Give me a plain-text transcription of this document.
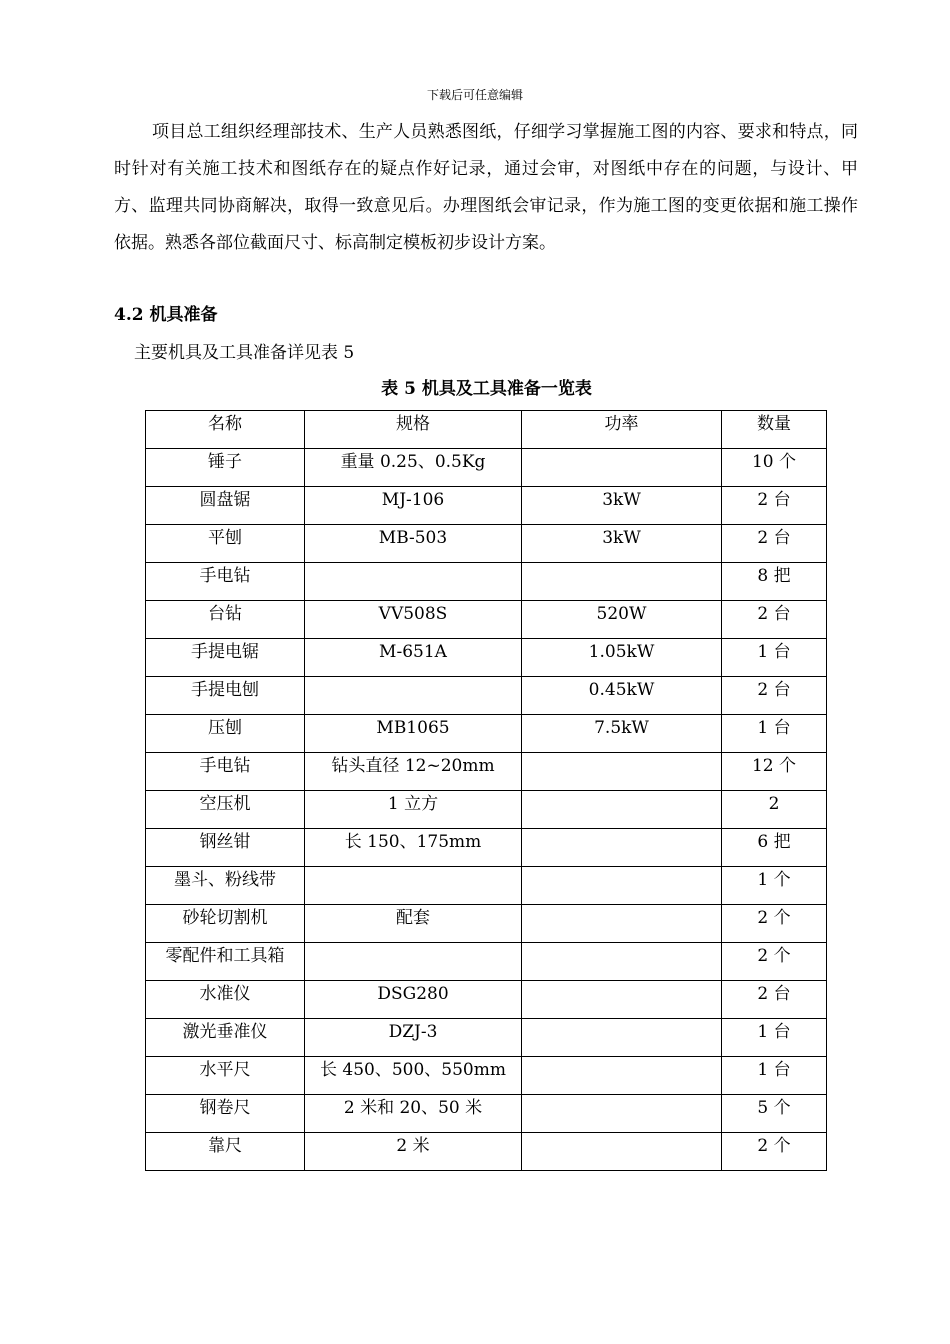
下载后可任意编辑

项目总工组织经理部技术、生产人员熟悉图纸，仔细学习掌握施工图的内容、要求和特点，同时针对有关施工技术和图纸存在的疑点作好记录，通过会审，对图纸中存在的问题，与设计、甲方、监理共同协商解决，取得一致意见后。办理图纸会审记录，作为施工图的变更依据和施工操作依据。熟悉各部位截面尺寸、标高制定模板初步设计方案。

4.2 机具准备

主要机具及工具准备详见表 5

表 5 机具及工具准备一览表

名称	规格	功率	数量
锤子	重量 0.25、0.5Kg		10 个
圆盘锯	MJ-106	3kW	2 台
平刨	MB-503	3kW	2 台
手电钻			8 把
台钻	VV508S	520W	2 台
手提电锯	M-651A	1.05kW	1 台
手提电刨		0.45kW	2 台
压刨	MB1065	7.5kW	1 台
手电钻	钻头直径 12~20mm		12 个
空压机	1 立方		2
钢丝钳	长 150、175mm		6 把
墨斗、粉线带			1 个
砂轮切割机	配套		2 个
零配件和工具箱			2 个
水准仪	DSG280		2 台
激光垂准仪	DZJ-3		1 台
水平尺	长 450、500、550mm		1 台
钢卷尺	2 米和 20、50 米		5 个
靠尺	2 米		2 个
